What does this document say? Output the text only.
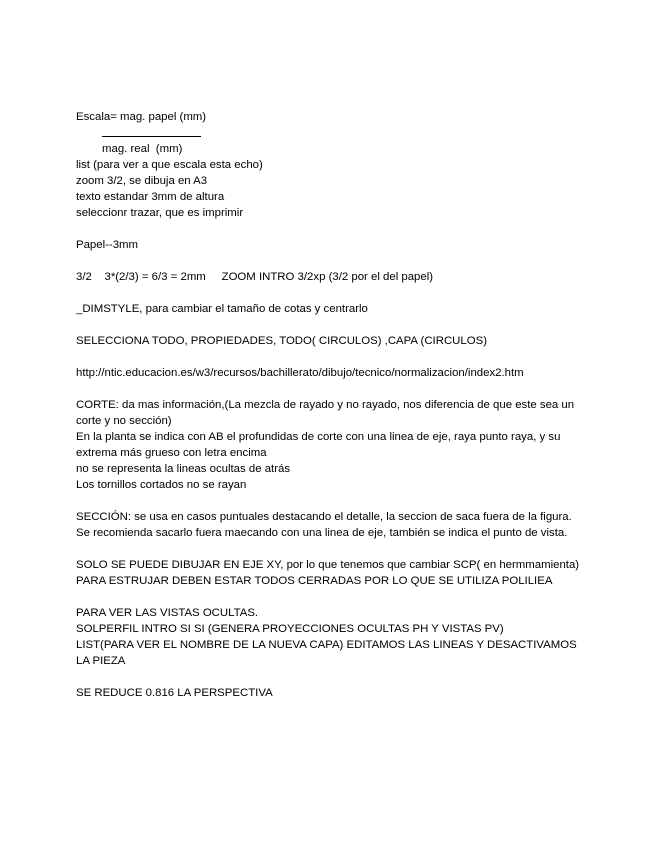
Escala= mag. papel (mm)
mag. real  (mm)
list (para ver a que escala esta echo)
zoom 3/2, se dibuja en A3
texto estandar 3mm de altura
seleccionr trazar, que es imprimir
Papel--3mm
3/2    3*(2/3) = 6/3 = 2mm     ZOOM INTRO 3/2xp (3/2 por el del papel)
_DIMSTYLE, para cambiar el tamaño de cotas y centrarlo
SELECCIONA TODO, PROPIEDADES, TODO( CIRCULOS) ,CAPA (CIRCULOS)
http://ntic.educacion.es/w3/recursos/bachillerato/dibujo/tecnico/normalizacion/index2.htm
CORTE: da mas información,(La mezcla de rayado y no rayado, nos diferencia de que este sea un corte y no sección)
En la planta se indica con AB el profundidas de corte con una linea de eje, raya punto raya, y su extrema más grueso con letra encima
no se representa la lineas ocultas de atrás
Los tornillos cortados no se rayan
SECCIÓN: se usa en casos puntuales destacando el detalle, la seccion de saca fuera de la figura.
Se recomienda sacarlo fuera maecando con una linea de eje, también se indica el punto de vista.
SOLO SE PUEDE DIBUJAR EN EJE XY, por lo que tenemos que cambiar SCP( en hermmamienta)
PARA ESTRUJAR DEBEN ESTAR TODOS CERRADAS POR LO QUE SE UTILIZA POLILIEA
PARA VER LAS VISTAS OCULTAS.
SOLPERFIL INTRO SI SI (GENERA PROYECCIONES OCULTAS PH Y VISTAS PV)
LIST(PARA VER EL NOMBRE DE LA NUEVA CAPA) EDITAMOS LAS LINEAS Y DESACTIVAMOS LA PIEZA
SE REDUCE 0.816 LA PERSPECTIVA
